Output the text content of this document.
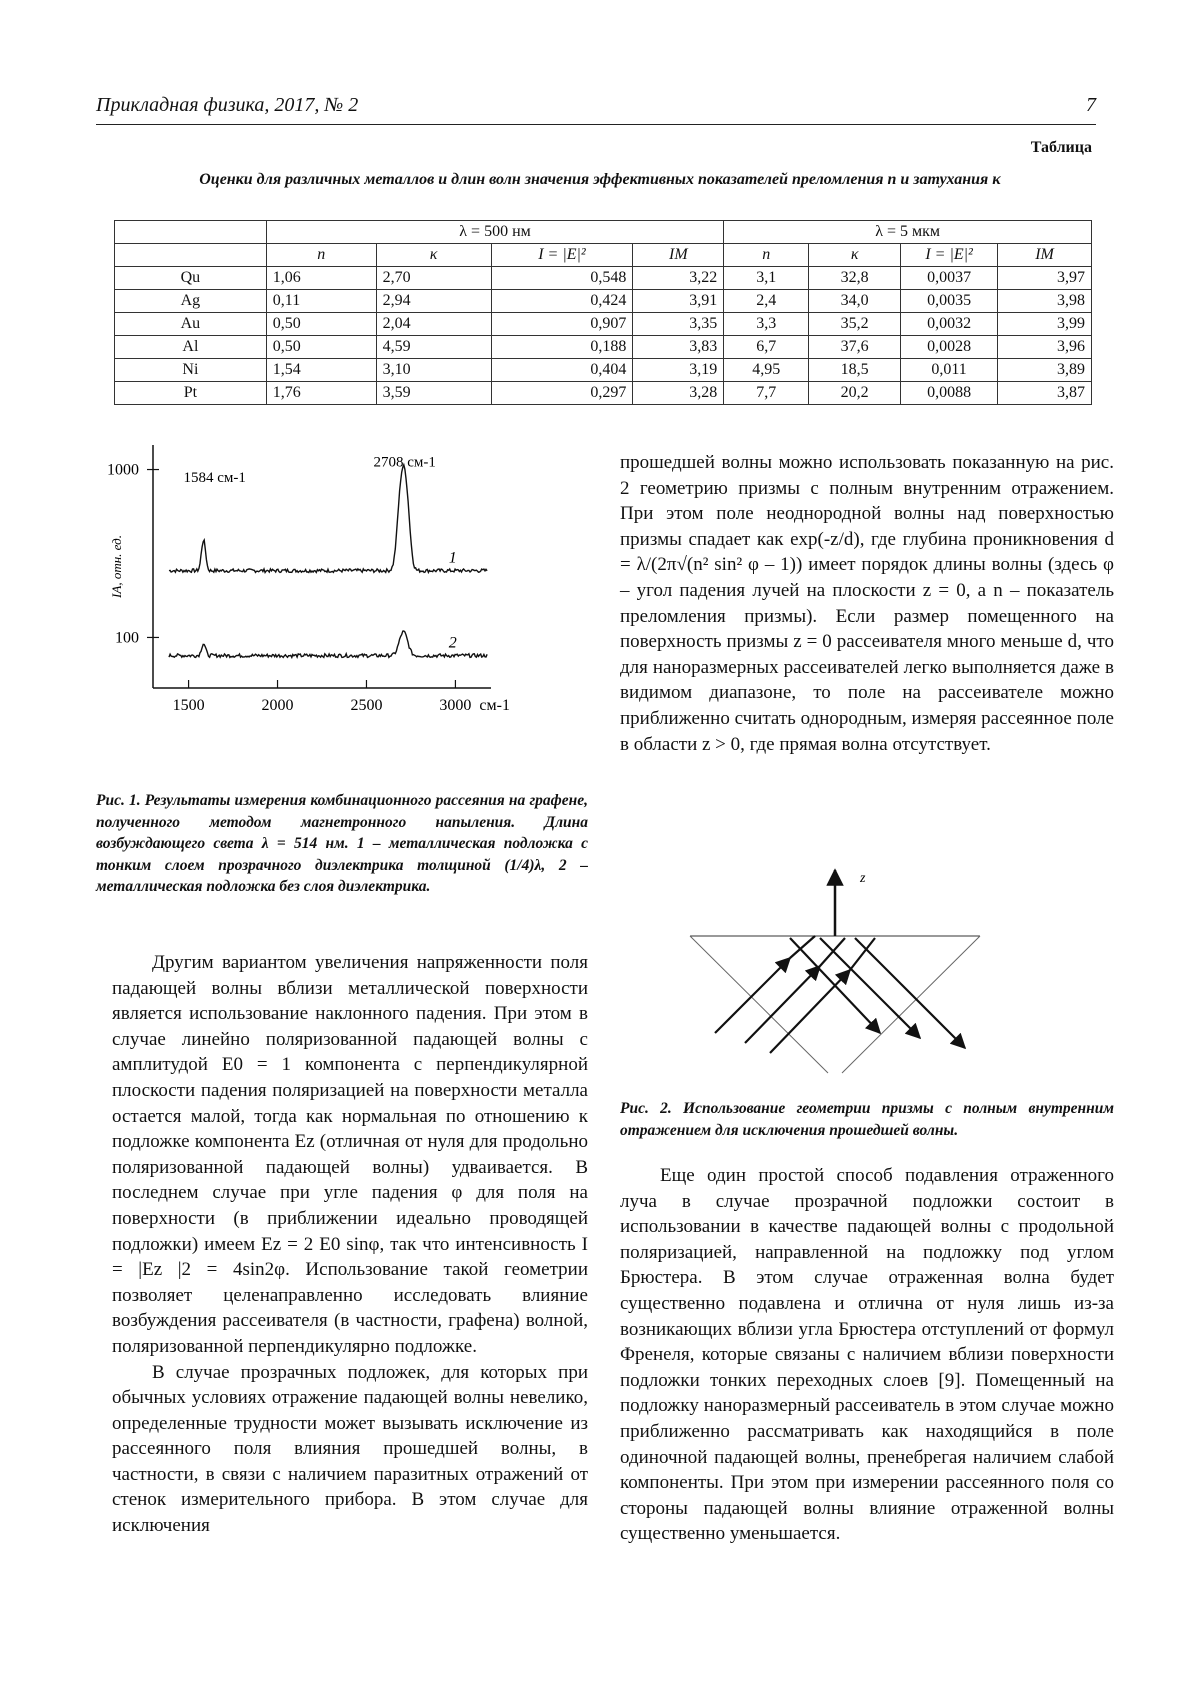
Прикладная физика, 2017, № 2	7
Таблица
Оценки для различных металлов и длин волн значения эффективных показателей преломления n и затухания κ
	λ = 500 нм				λ = 5 мкм			
	n	κ	I = |E|²	IM	n	κ	I = |E|²	IM
Qu	1,06	2,70	0,548	3,22	3,1	32,8	0,0037	3,97
Ag	0,11	2,94	0,424	3,91	2,4	34,0	0,0035	3,98
Au	0,50	2,04	0,907	3,35	3,3	35,2	0,0032	3,99
Al	0,50	4,59	0,188	3,83	6,7	37,6	0,0028	3,96
Ni	1,54	3,10	0,404	3,19	4,95	18,5	0,011	3,89
Pt	1,76	3,59	0,297	3,28	7,7	20,2	0,0088	3,87
1500	2000	2500	3000
100
1000
см-1
IA, отн. ед.	1
2
2708 см-1
1584 см-1
Рис. 1. Результаты измерения комбинационного рассеяния на графене, полученного методом магнетронного напыления. Длина возбуждающего света λ = 514 нм. 1 – металлическая подложка с тонким слоем прозрачного диэлектрика толщиной (1/4)λ, 2 – металлическая подложка без слоя диэлектрика.

Другим вариантом увеличения напряженности поля падающей волны вблизи металлической поверхности является использование наклонного падения. При этом в случае линейно поляризованной падающей волны с амплитудой E0 = 1 компонента с перпендикулярной плоскости падения поляризацией на поверхности металла остается малой, тогда как нормальная по отношению к подложке компонента Ez (отличная от нуля для продольно поляризованной падающей волны) удваивается. В последнем случае при угле падения φ для поля на поверхности (в приближении идеально проводящей подложки) имеем Ez = 2 E0 sinφ, так что интенсивность I = |Ez |2 = 4sin2φ. Использование такой геометрии позволяет целенаправленно исследовать влияние возбуждения рассеивателя (в частности, графена) волной, поляризованной перпендикулярно подложке.

В случае прозрачных подложек, для которых при обычных условиях отражение падающей волны невелико, определенные трудности может вызывать исключение из рассеянного поля влияния прошедшей волны, в частности, в связи с наличием паразитных отражений от стенок измерительного прибора. В этом случае для исключения

прошедшей волны можно использовать показанную на рис. 2 геометрию призмы с полным внутренним отражением. При этом поле неоднородной волны над поверхностью призмы спадает как exp(-z/d), где глубина проникновения d = λ/(2π√(n² sin² φ – 1)) имеет порядок длины волны (здесь φ – угол падения лучей на плоскости z = 0, а n – показатель преломления призмы). Если размер помещенного на поверхность призмы z = 0 рассеивателя много меньше d, что для наноразмерных рассеивателей легко выполняется даже в видимом диапазоне, то поле на рассеивателе можно приближенно считать однородным, измеряя рассеянное поле в области z > 0, где прямая волна отсутствует.

z
Рис. 2. Использование геометрии призмы с полным внутренним отражением для исключения прошедшей волны.

Еще один простой способ подавления отраженного луча в случае прозрачной подложки состоит в использовании в качестве падающей волны с продольной поляризацией, направленной на подложку под углом Брюстера. В этом случае отраженная волна будет существенно подавлена и отлична от нуля лишь из-за возникающих вблизи угла Брюстера отступлений от формул Френеля, которые связаны с наличием вблизи поверхности подложки тонких переходных слоев [9]. Помещенный на подложку наноразмерный рассеиватель в этом случае можно приближенно рассматривать как находящийся в поле одиночной падающей волны, пренебрегая наличием слабой компоненты. При этом при измерении рассеянного поля со стороны падающей волны влияние отраженной волны существенно уменьшается.
